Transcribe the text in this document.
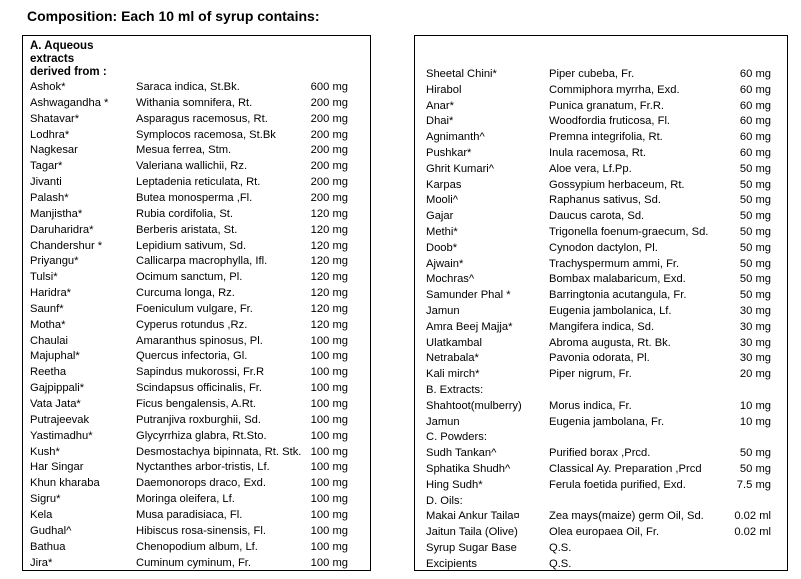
Composition: Each 10 ml of syrup contains:
A. Aqueous
extracts
derived from :
Ashok*	Saraca indica, St.Bk.	600 mg
Ashwagandha * Withania somnifera, Rt.	200 mg
Shatavar*	Asparagus racemosus, Rt.	200 mg
Lodhra*	Symplocos racemosa, St.Bk	200 mg
Nagkesar	Mesua ferrea, Stm.	200 mg
Tagar*	Valeriana wallichii, Rz.	200 mg
Jivanti	Leptadenia reticulata, Rt.	200 mg
Palash*	Butea monosperma ,Fl.	200 mg
Manjistha*	Rubia cordifolia, St.	120 mg
Daruharidra*	Berberis aristata, St.	120 mg
Chandershur *	Lepidium sativum, Sd.	120 mg
Priyangu*	Callicarpa macrophylla, Ifl.	120 mg
Tulsi*	Ocimum sanctum, Pl.	120 mg
Haridra*	Curcuma longa, Rz.	120 mg
Saunf*	Foeniculum vulgare, Fr.	120 mg
Motha*	Cyperus rotundus ,Rz.	120 mg
Chaulai	Amaranthus spinosus, Pl.	100 mg
Majuphal*	Quercus infectoria, Gl.	100 mg
Reetha	Sapindus mukorossi, Fr.R	100 mg
Gajpippali*	Scindapsus officinalis, Fr.	100 mg
Vata Jata*	Ficus bengalensis, A.Rt.	100 mg
Putrajeevak	Putranjiva roxburghii, Sd.	100 mg
Yastimadhu*	Glycyrrhiza glabra, Rt.Sto.	100 mg
Kush*	Desmostachya bipinnata, Rt. Stk. 100 mg
Har Singar	Nyctanthes arbor-tristis, Lf.	100 mg
Khun kharaba	Daemonorops draco, Exd.	100 mg
Sigru*	Moringa oleifera, Lf.	100 mg
Kela	Musa paradisiaca, Fl.	100 mg
Gudhal^	Hibiscus rosa-sinensis, Fl.	100 mg
Bathua	Chenopodium album, Lf.	100 mg
Jira*	Cuminum cyminum, Fr.	100 mg
Sheetal Chini*	Piper cubeba, Fr.	60 mg
Hirabol	Commiphora myrrha, Exd.	60 mg
Anar*	Punica granatum, Fr.R.	60 mg
Dhai*	Woodfordia fruticosa, Fl.	60 mg
Agnimanth^	Premna integrifolia, Rt.	60 mg
Pushkar*	Inula racemosa, Rt.	60 mg
Ghrit Kumari^	Aloe vera, Lf.Pp.	50 mg
Karpas	Gossypium herbaceum, Rt.	50 mg
Mooli^	Raphanus sativus, Sd.	50 mg
Gajar	Daucus carota, Sd.	50 mg
Methi*	Trigonella foenum-graecum, Sd.	50 mg
Doob*	Cynodon dactylon, Pl.	50 mg
Ajwain*	Trachyspermum ammi, Fr.	50 mg
Mochras^	Bombax malabaricum, Exd.	50 mg
Samunder Phal *	Barringtonia acutangula, Fr.	50 mg
Jamun	Eugenia jambolanica, Lf.	30 mg
Amra Beej Majja*	Mangifera indica, Sd.	30 mg
Ulatkambal	Abroma augusta, Rt. Bk.	30 mg
Netrabala*	Pavonia odorata, Pl.	30 mg
Kali mirch*	Piper nigrum, Fr.	20 mg
B. Extracts:
Shahtoot(mulberry) Morus indica, Fr.	10 mg
Jamun	Eugenia jambolana, Fr.	10 mg
C. Powders:
Sudh Tankan^	Purified borax ,Prcd.	50 mg
Sphatika Shudh^	Classical Ay. Preparation ,Prcd	50 mg
Hing Sudh*	Ferula foetida purified, Exd.	7.5 mg
D. Oils:
Makai Ankur Taila¤	Zea mays(maize) germ Oil, Sd.	0.02 ml
Jaitun Taila (Olive)	Olea europaea Oil, Fr.	0.02 ml
Syrup Sugar Base	Q.S.
Excipients	Q.S.
